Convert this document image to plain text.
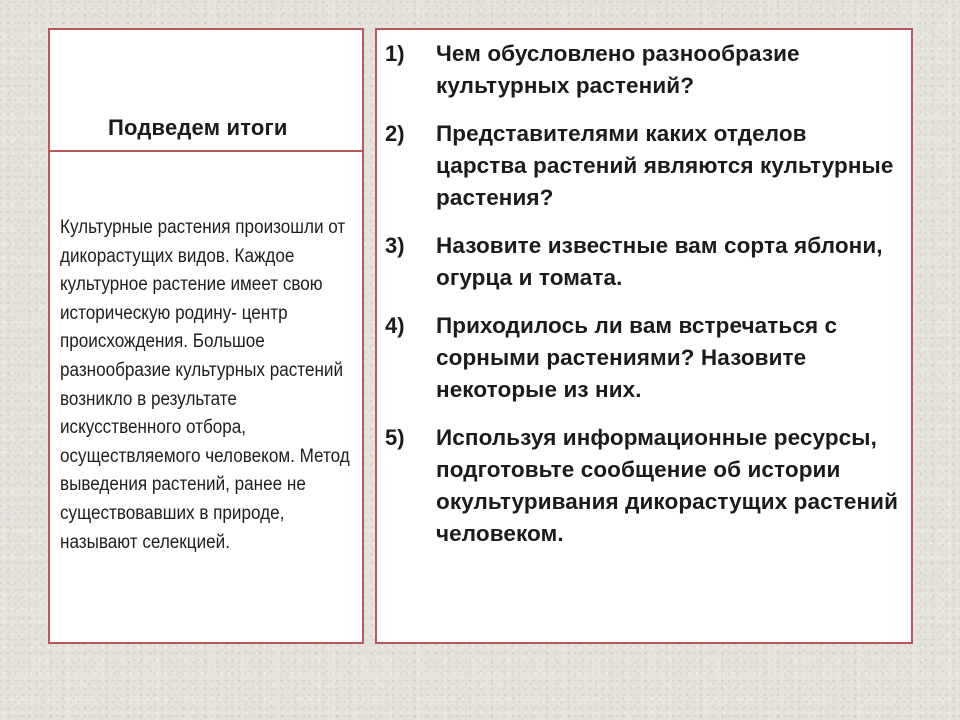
Подведем итоги
Культурные растения произошли от дикорастущих видов. Каждое культурное растение имеет свою историческую родину- центр происхождения. Большое разнообразие культурных растений возникло в результате искусственного отбора, осуществляемого человеком. Метод выведения растений, ранее не существовавших в природе, называют селекцией.
1)	Чем обусловлено разнообразие культурных растений?
2)	Представителями каких отделов царства растений являются культурные растения?
3)	Назовите известные вам сорта яблони, огурца и томата.
4)	Приходилось ли вам встречаться с сорными растениями? Назовите некоторые из них.
5)	Используя информационные ресурсы, подготовьте сообщение об истории окультуривания дикорастущих растений человеком.
